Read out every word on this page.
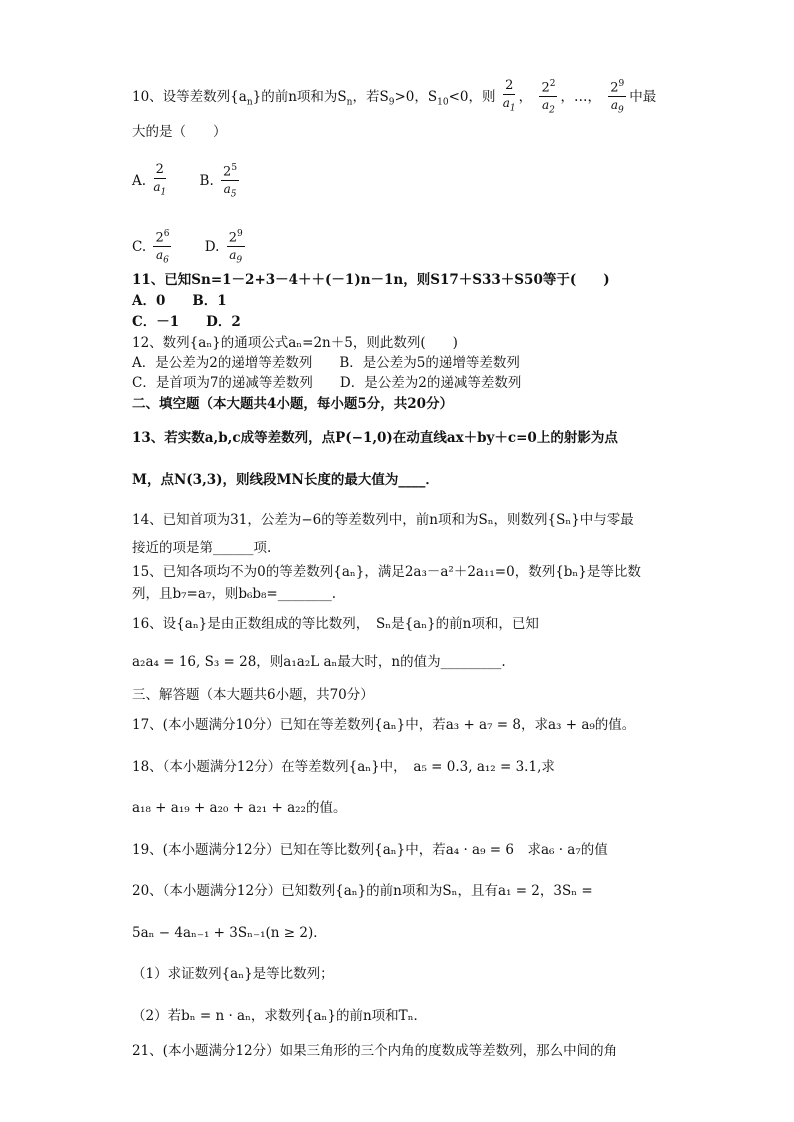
10、设等差数列$\{a_n\}$的前n项和为$S_n$，若$S_9>0$，$S_{10}<0$，则 $\frac{2}{a_1}$ ， $\frac{2^2}{a_2}$ ，…， $\frac{2^9}{a_9}$ 中最
大的是（　　）
A. $\frac{2}{a_1} B$. $\frac{2^5}{a_5}$
C. $\frac{2^6}{a_6} D$. $\frac{2^9}{a_9}$
11、已知Sn=1－2+3－4＋＋(－1)n－1n，则S17＋S33＋S50等于(　　)
A．0　　B．1
C．－1　　D．2
12、数列{aₙ}的通项公式aₙ=2n＋5，则此数列(　　)
A．是公差为2的递增等差数列　　B．是公差为5的递增等差数列
C．是首项为7的递减等差数列　　D．是公差为2的递减等差数列
二、填空题（本大题共4小题，每小题5分，共20分）
13、若实数a,b,c成等差数列，点P(−1,0)在动直线ax＋by＋c=0上的射影为点
M，点N(3,3)，则线段MN长度的最大值为____．
14、已知首项为31，公差为−6的等差数列中，前n项和为Sₙ，则数列{Sₙ}中与零最
接近的项是第______项.
15、已知各项均不为0的等差数列{aₙ}，满足2a₃－a²＋2a₁₁=0，数列{bₙ}是等比数
列，且b₇=a₇，则b₆b₈=________.
16、设{aₙ}是由正数组成的等比数列，　Sₙ是{aₙ}的前n项和，已知
a₂a₄ = 16, S₃ = 28，则a₁a₂L aₙ最大时，n的值为_________.
三、解答题（本大题共6小题，共70分）
17、(本小题满分10分）已知在等差数列{aₙ}中，若a₃ + a₇ = 8，求a₃ + a₉的值。
18、（本小题满分12分）在等差数列{aₙ}中，　a₅ = 0.3, a₁₂ = 3.1,求
a₁₈ + a₁₉ + a₂₀ + a₂₁ + a₂₂的值。
19、(本小题满分12分）已知在等比数列{aₙ}中，若a₄ · a₉ = 6　求a₆ · a₇的值
20、（本小题满分12分）已知数列{aₙ}的前n项和为Sₙ，且有a₁ = 2，3Sₙ =
5aₙ − 4aₙ₋₁ + 3Sₙ₋₁(n ≥ 2)．
（1）求证数列{aₙ}是等比数列；
（2）若bₙ = n · aₙ，求数列{aₙ}的前n项和Tₙ．
21、(本小题满分12分）如果三角形的三个内角的度数成等差数列，那么中间的角
